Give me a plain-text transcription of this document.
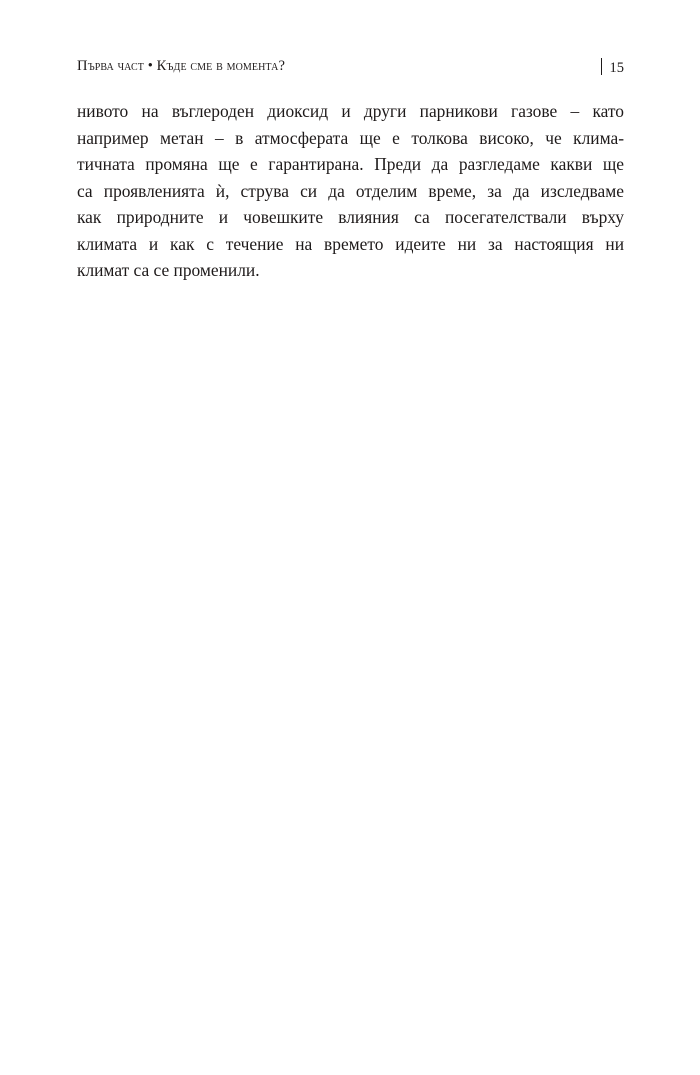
Първа част • Къде сме в момента?	15

нивото на въглероден диоксид и други парникови газове – като
например метан – в атмосферата ще е толкова високо, че клима-
тичната промяна ще е гарантирана. Преди да разгледаме какви ще
са проявленията ѝ, струва си да отделим време, за да изследваме
как природните и човешките влияния са посегателствали върху
климата и как с течение на времето идеите ни за настоящия ни
климат са се променили.
